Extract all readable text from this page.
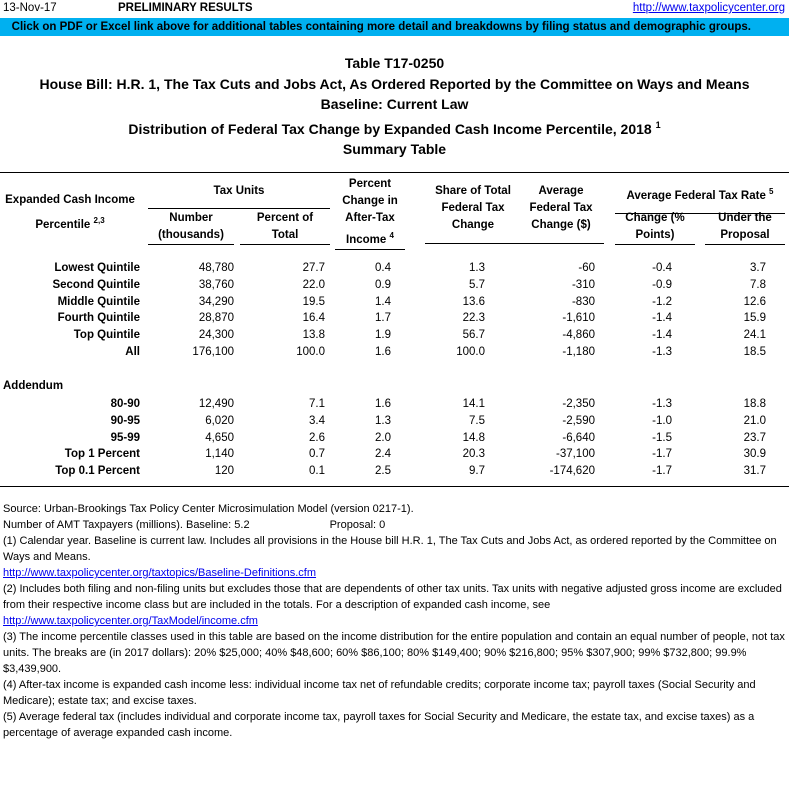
13-Nov-17	PRELIMINARY RESULTS	http://www.taxpolicycenter.org
Click on PDF or Excel link above for additional tables containing more detail and breakdowns by filing status and demographic groups.
Table T17-0250
House Bill: H.R. 1, The Tax Cuts and Jobs Act, As Ordered Reported by the Committee on Ways and Means
Baseline: Current Law
Distribution of Federal Tax Change by Expanded Cash Income Percentile, 2018 $^1$
Summary Table
Expanded Cash Income
Percentile $^{2,3}$
Tax Units
Number
(thousands)
Percent of
Total
Percent
Change in
After-Tax
Income $^4$
Share of Total
Federal Tax
Change
Average
Federal Tax
Change ($)
Average Federal Tax Rate $^5$
Change (%
Points)
Under the
Proposal
Lowest Quintile	48,780	27.7	0.4	1.3	-60	-0.4	3.7
Second Quintile	38,760	22.0	0.9	5.7	-310	-0.9	7.8
Middle Quintile	34,290	19.5	1.4	13.6	-830	-1.2	12.6
Fourth Quintile	28,870	16.4	1.7	22.3	-1,610	-1.4	15.9
Top Quintile	24,300	13.8	1.9	56.7	-4,860	-1.4	24.1
All	176,100	100.0	1.6	100.0	-1,180	-1.3	18.5
Addendum
80-90	12,490	7.1	1.6	14.1	-2,350	-1.3	18.8
90-95	6,020	3.4	1.3	7.5	-2,590	-1.0	21.0
95-99	4,650	2.6	2.0	14.8	-6,640	-1.5	23.7
Top 1 Percent	1,140	0.7	2.4	20.3	-37,100	-1.7	30.9
Top 0.1 Percent	120	0.1	2.5	9.7	-174,620	-1.7	31.7

Source: Urban-Brookings Tax Policy Center Microsimulation Model (version 0217-1).

Number of AMT Taxpayers (millions). Baseline: 5.2	Proposal: 0

(1) Calendar year. Baseline is current law. Includes all provisions in the House bill H.R. 1, The Tax Cuts and Jobs Act, as ordered reported by the Committee on Ways and Means.

http://www.taxpolicycenter.org/taxtopics/Baseline-Definitions.cfm

(2) Includes both filing and non-filing units but excludes those that are dependents of other tax units. Tax units with negative adjusted gross income are excluded from their respective income class but are included in the totals. For a description of expanded cash income, see

http://www.taxpolicycenter.org/TaxModel/income.cfm

(3) The income percentile classes used in this table are based on the income distribution for the entire population and contain an equal number of people, not tax units. The breaks are (in 2017 dollars): 20% $25,000; 40% $48,600; 60% $86,100; 80% $149,400; 90% $216,800; 95% $307,900; 99% $732,800; 99.9% $3,439,900.

(4) After-tax income is expanded cash income less: individual income tax net of refundable credits; corporate income tax; payroll taxes (Social Security and Medicare); estate tax; and excise taxes.

(5) Average federal tax (includes individual and corporate income tax, payroll taxes for Social Security and Medicare, the estate tax, and excise taxes) as a percentage of average expanded cash income.
